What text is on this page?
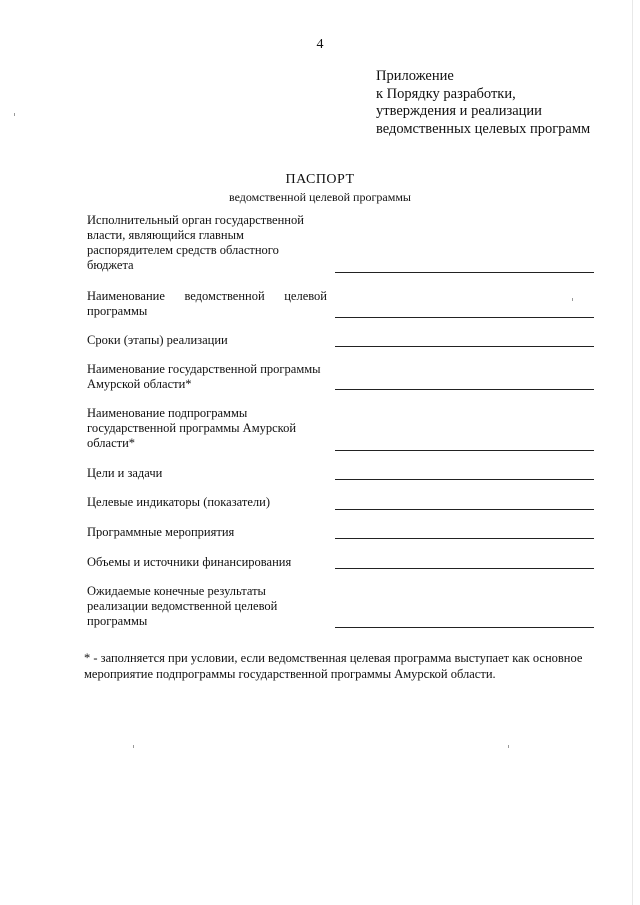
4
Приложение
к Порядку разработки,
утверждения и реализации
ведомственных целевых программ
ПАСПОРТ
ведомственной целевой программы
Исполнительный орган государственной власти, являющийся главным распорядителем средств областного бюджета
Наименование ведомственной целевой программы
Сроки (этапы) реализации
Наименование государственной программы Амурской области*
Наименование подпрограммы государственной программы Амурской области*
Цели и задачи
Целевые индикаторы (показатели)
Программные мероприятия
Объемы и источники финансирования
Ожидаемые конечные результаты реализации ведомственной целевой программы
* - заполняется при условии, если ведомственная целевая программа выступает как основное мероприятие подпрограммы государственной программы Амурской области.
